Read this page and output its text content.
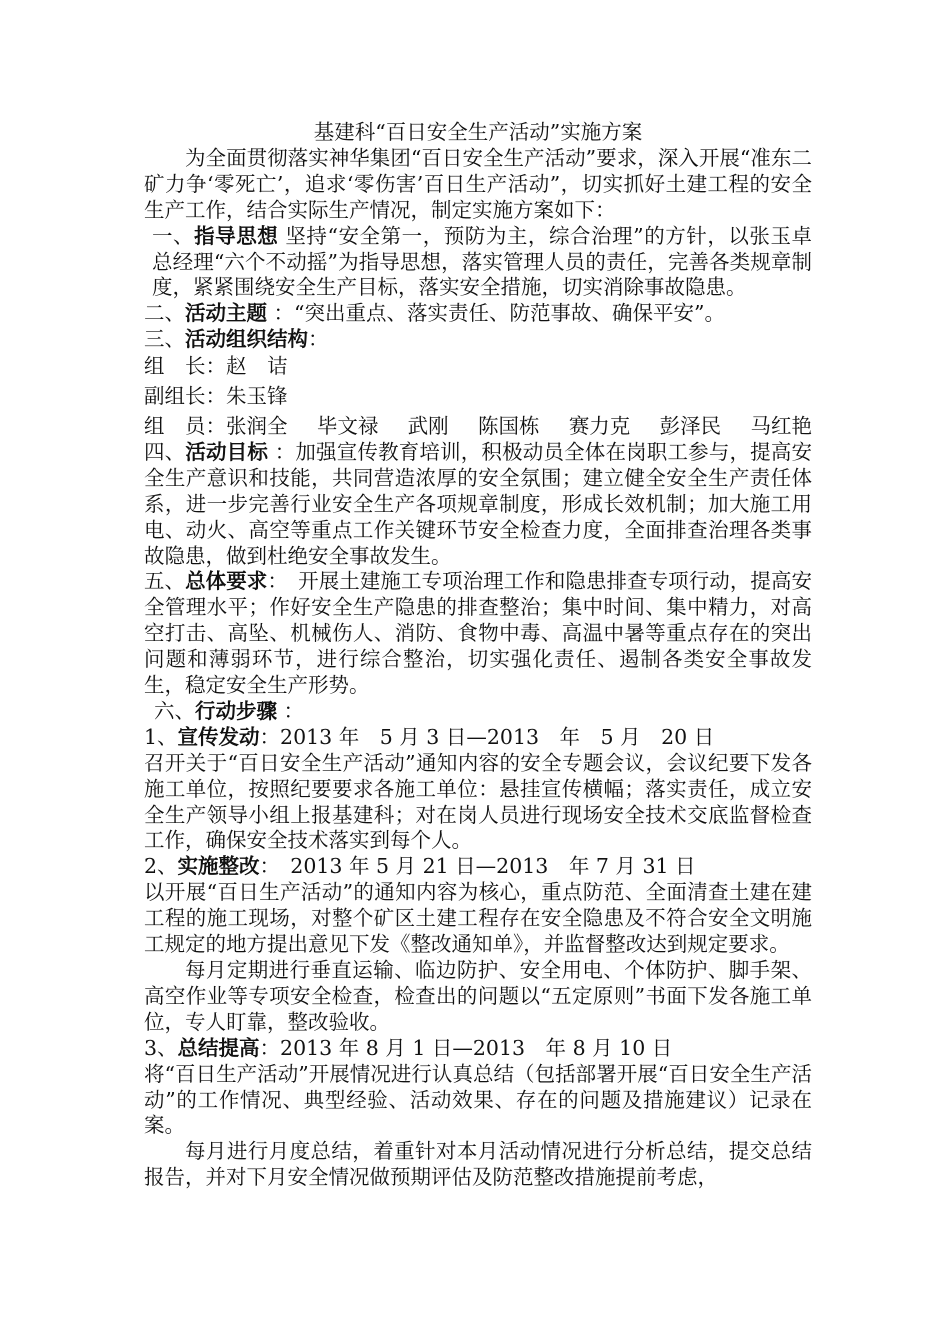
基建科“百日安全生产活动”实施方案
为全面贯彻落实神华集团“百日安全生产活动”要求，深入开展“准东二矿力争‘零死亡’，追求‘零伤害’百日生产活动”，切实抓好土建工程的安全生产工作，结合实际生产情况，制定实施方案如下：
一、指导思想 坚持“安全第一，预防为主，综合治理”的方针，以张玉卓总经理“六个不动摇”为指导思想，落实管理人员的责任，完善各类规章制度，紧紧围绕安全生产目标，落实安全措施，切实消除事故隐患。
二、活动主题 ：“突出重点、落实责任、防范事故、确保平安”。
三、活动组织结构：
组　长：赵　诘
副组长：朱玉锋
组　员：张润全 毕文禄 武刚 陈国栋 赛力克 彭泽民 马红艳
四、活动目标 ：加强宣传教育培训，积极动员全体在岗职工参与，提高安全生产意识和技能，共同营造浓厚的安全氛围；建立健全安全生产责任体系，进一步完善行业安全生产各项规章制度，形成长效机制；加大施工用电、动火、高空等重点工作关键环节安全检查力度，全面排查治理各类事故隐患，做到杜绝安全事故发生。
五、总体要求：　开展土建施工专项治理工作和隐患排查专项行动，提高安全管理水平；作好安全生产隐患的排查整治；集中时间、集中精力，对高空打击、高坠、机械伤人、消防、食物中毒、高温中暑等重点存在的突出问题和薄弱环节，进行综合整治，切实强化责任、遏制各类安全事故发生，稳定安全生产形势。
六、行动步骤 ：
1、宣传发动：2013 年　5 月 3 日—2013　年　5 月　20 日
召开关于“百日安全生产活动”通知内容的安全专题会议，会议纪要下发各施工单位，按照纪要要求各施工单位：悬挂宣传横幅；落实责任，成立安全生产领导小组上报基建科；对在岗人员进行现场安全技术交底监督检查工作，确保安全技术落实到每个人。
2、实施整改：　2013 年 5 月 21 日—2013　年 7 月 31 日
以开展“百日生产活动”的通知内容为核心，重点防范、全面清查土建在建工程的施工现场，对整个矿区土建工程存在安全隐患及不符合安全文明施工规定的地方提出意见下发《整改通知单》，并监督整改达到规定要求。
每月定期进行垂直运输、临边防护、安全用电、个体防护、脚手架、高空作业等专项安全检查，检查出的问题以“五定原则”书面下发各施工单位，专人盯靠，整改验收。
3、总结提高：2013 年 8 月 1 日—2013　年 8 月 10 日
将“百日生产活动”开展情况进行认真总结（包括部署开展“百日安全生产活动”的工作情况、典型经验、活动效果、存在的问题及措施建议）记录在案。
每月进行月度总结，着重针对本月活动情况进行分析总结，提交总结报告，并对下月安全情况做预期评估及防范整改措施提前考虑，
